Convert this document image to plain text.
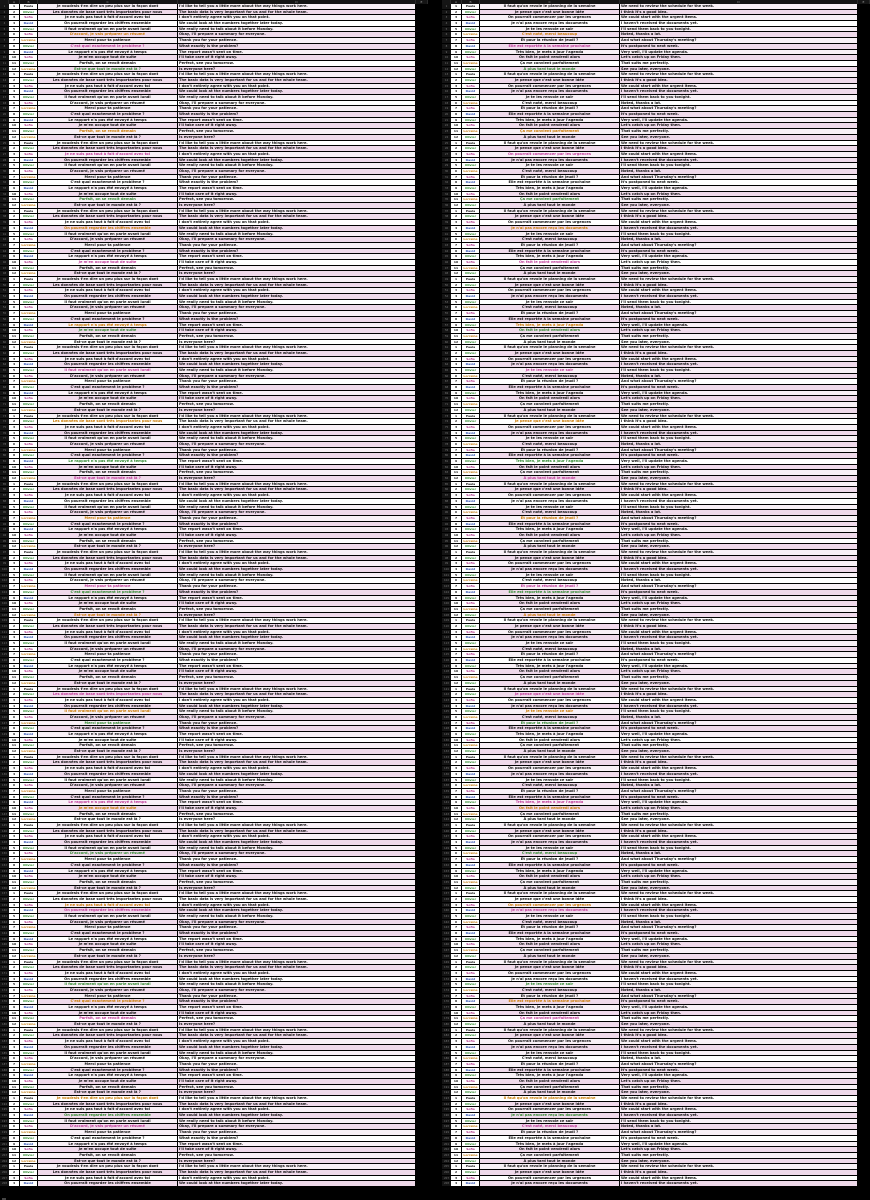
A	B	C	D	E
1	1	Paula	Je voudrais t'en dire un peu plus sur la façon dont	I'd like to tell you a little more about the way things work here.
2	2	Olivier	Les données de base sont très importantes pour nous	The basic data is very important for us and for the whole team.
3	3	Sofia	Je ne suis pas tout à fait d'accord avec toi	I don't entirely agree with you on that point.
4	4	David	On pourrait regarder les chiffres ensemble	We could look at the numbers together later today.
5	5	Olivier	Il faut vraiment qu'on en parle avant lundi	We really need to talk about it before Monday.
6	6	Sofia	D'accord, je vais préparer un résumé	Okay, I'll prepare a summary for everyone.
7	7	Lorraine	Merci pour ta patience	Thank you for your patience.
8	8	Olivier	C'est quoi exactement le problème ?	What exactly is the problem?
9	9	David	Le rapport n'a pas été envoyé à temps	The report wasn't sent on time.
10	10	Sofia	Je m'en occupe tout de suite	I'll take care of it right away.
11	11	Olivier	Parfait, on se revoit demain	Perfect, see you tomorrow.
12	12	Lorraine	Est-ce que tout le monde est là ?	Is everyone here?
13	1	Paula	Je voudrais t'en dire un peu plus sur la façon dont	I'd like to tell you a little more about the way things work here.
14	2	Olivier	Les données de base sont très importantes pour nous	The basic data is very important for us and for the whole team.
15	3	Sofia	Je ne suis pas tout à fait d'accord avec toi	I don't entirely agree with you on that point.
16	4	David	On pourrait regarder les chiffres ensemble	We could look at the numbers together later today.
17	5	Olivier	Il faut vraiment qu'on en parle avant lundi	We really need to talk about it before Monday.
18	6	Sofia	D'accord, je vais préparer un résumé	Okay, I'll prepare a summary for everyone.
19	7	Lorraine	Merci pour ta patience	Thank you for your patience.
20	8	Olivier	C'est quoi exactement le problème ?	What exactly is the problem?
21	9	David	Le rapport n'a pas été envoyé à temps	The report wasn't sent on time.
22	10	Sofia	Je m'en occupe tout de suite	I'll take care of it right away.
23	11	Olivier	Parfait, on se revoit demain	Perfect, see you tomorrow.
24	12	Lorraine	Est-ce que tout le monde est là ?	Is everyone here?
25	1	Paula	Je voudrais t'en dire un peu plus sur la façon dont	I'd like to tell you a little more about the way things work here.
26	2	Olivier	Les données de base sont très importantes pour nous	The basic data is very important for us and for the whole team.
27	3	Sofia	Je ne suis pas tout à fait d'accord avec toi	I don't entirely agree with you on that point.
28	4	David	On pourrait regarder les chiffres ensemble	We could look at the numbers together later today.
29	5	Olivier	Il faut vraiment qu'on en parle avant lundi	We really need to talk about it before Monday.
30	6	Sofia	D'accord, je vais préparer un résumé	Okay, I'll prepare a summary for everyone.
31	7	Lorraine	Merci pour ta patience	Thank you for your patience.
32	8	Olivier	C'est quoi exactement le problème ?	What exactly is the problem?
33	9	David	Le rapport n'a pas été envoyé à temps	The report wasn't sent on time.
34	10	Sofia	Je m'en occupe tout de suite	I'll take care of it right away.
35	11	Olivier	Parfait, on se revoit demain	Perfect, see you tomorrow.
36	12	Lorraine	Est-ce que tout le monde est là ?	Is everyone here?
37	1	Paula	Je voudrais t'en dire un peu plus sur la façon dont	I'd like to tell you a little more about the way things work here.
38	2	Olivier	Les données de base sont très importantes pour nous	The basic data is very important for us and for the whole team.
39	3	Sofia	Je ne suis pas tout à fait d'accord avec toi	I don't entirely agree with you on that point.
40	4	David	On pourrait regarder les chiffres ensemble	We could look at the numbers together later today.
41	5	Olivier	Il faut vraiment qu'on en parle avant lundi	We really need to talk about it before Monday.
42	6	Sofia	D'accord, je vais préparer un résumé	Okay, I'll prepare a summary for everyone.
43	7	Lorraine	Merci pour ta patience	Thank you for your patience.
44	8	Olivier	C'est quoi exactement le problème ?	What exactly is the problem?
45	9	David	Le rapport n'a pas été envoyé à temps	The report wasn't sent on time.
46	10	Sofia	Je m'en occupe tout de suite	I'll take care of it right away.
47	11	Olivier	Parfait, on se revoit demain	Perfect, see you tomorrow.
48	12	Lorraine	Est-ce que tout le monde est là ?	Is everyone here?
49	1	Paula	Je voudrais t'en dire un peu plus sur la façon dont	I'd like to tell you a little more about the way things work here.
50	2	Olivier	Les données de base sont très importantes pour nous	The basic data is very important for us and for the whole team.
51	3	Sofia	Je ne suis pas tout à fait d'accord avec toi	I don't entirely agree with you on that point.
52	4	David	On pourrait regarder les chiffres ensemble	We could look at the numbers together later today.
53	5	Olivier	Il faut vraiment qu'on en parle avant lundi	We really need to talk about it before Monday.
54	6	Sofia	D'accord, je vais préparer un résumé	Okay, I'll prepare a summary for everyone.
55	7	Lorraine	Merci pour ta patience	Thank you for your patience.
56	8	Olivier	C'est quoi exactement le problème ?	What exactly is the problem?
57	9	David	Le rapport n'a pas été envoyé à temps	The report wasn't sent on time.
58	10	Sofia	Je m'en occupe tout de suite	I'll take care of it right away.
59	11	Olivier	Parfait, on se revoit demain	Perfect, see you tomorrow.
60	12	Lorraine	Est-ce que tout le monde est là ?	Is everyone here?
61	1	Paula	Je voudrais t'en dire un peu plus sur la façon dont	I'd like to tell you a little more about the way things work here.
62	2	Olivier	Les données de base sont très importantes pour nous	The basic data is very important for us and for the whole team.
63	3	Sofia	Je ne suis pas tout à fait d'accord avec toi	I don't entirely agree with you on that point.
64	4	David	On pourrait regarder les chiffres ensemble	We could look at the numbers together later today.
65	5	Olivier	Il faut vraiment qu'on en parle avant lundi	We really need to talk about it before Monday.
66	6	Sofia	D'accord, je vais préparer un résumé	Okay, I'll prepare a summary for everyone.
67	7	Lorraine	Merci pour ta patience	Thank you for your patience.
68	8	Olivier	C'est quoi exactement le problème ?	What exactly is the problem?
69	9	David	Le rapport n'a pas été envoyé à temps	The report wasn't sent on time.
70	10	Sofia	Je m'en occupe tout de suite	I'll take care of it right away.
71	11	Olivier	Parfait, on se revoit demain	Perfect, see you tomorrow.
72	12	Lorraine	Est-ce que tout le monde est là ?	Is everyone here?
73	1	Paula	Je voudrais t'en dire un peu plus sur la façon dont	I'd like to tell you a little more about the way things work here.
74	2	Olivier	Les données de base sont très importantes pour nous	The basic data is very important for us and for the whole team.
75	3	Sofia	Je ne suis pas tout à fait d'accord avec toi	I don't entirely agree with you on that point.
76	4	David	On pourrait regarder les chiffres ensemble	We could look at the numbers together later today.
77	5	Olivier	Il faut vraiment qu'on en parle avant lundi	We really need to talk about it before Monday.
78	6	Sofia	D'accord, je vais préparer un résumé	Okay, I'll prepare a summary for everyone.
79	7	Lorraine	Merci pour ta patience	Thank you for your patience.
80	8	Olivier	C'est quoi exactement le problème ?	What exactly is the problem?
81	9	David	Le rapport n'a pas été envoyé à temps	The report wasn't sent on time.
82	10	Sofia	Je m'en occupe tout de suite	I'll take care of it right away.
83	11	Olivier	Parfait, on se revoit demain	Perfect, see you tomorrow.
84	12	Lorraine	Est-ce que tout le monde est là ?	Is everyone here?
85	1	Paula	Je voudrais t'en dire un peu plus sur la façon dont	I'd like to tell you a little more about the way things work here.
86	2	Olivier	Les données de base sont très importantes pour nous	The basic data is very important for us and for the whole team.
87	3	Sofia	Je ne suis pas tout à fait d'accord avec toi	I don't entirely agree with you on that point.
88	4	David	On pourrait regarder les chiffres ensemble	We could look at the numbers together later today.
89	5	Olivier	Il faut vraiment qu'on en parle avant lundi	We really need to talk about it before Monday.
90	6	Sofia	D'accord, je vais préparer un résumé	Okay, I'll prepare a summary for everyone.
91	7	Lorraine	Merci pour ta patience	Thank you for your patience.
92	8	Olivier	C'est quoi exactement le problème ?	What exactly is the problem?
93	9	David	Le rapport n'a pas été envoyé à temps	The report wasn't sent on time.
94	10	Sofia	Je m'en occupe tout de suite	I'll take care of it right away.
95	11	Olivier	Parfait, on se revoit demain	Perfect, see you tomorrow.
96	12	Lorraine	Est-ce que tout le monde est là ?	Is everyone here?
97	1	Paula	Je voudrais t'en dire un peu plus sur la façon dont	I'd like to tell you a little more about the way things work here.
98	2	Olivier	Les données de base sont très importantes pour nous	The basic data is very important for us and for the whole team.
99	3	Sofia	Je ne suis pas tout à fait d'accord avec toi	I don't entirely agree with you on that point.
100	4	David	On pourrait regarder les chiffres ensemble	We could look at the numbers together later today.
101	5	Olivier	Il faut vraiment qu'on en parle avant lundi	We really need to talk about it before Monday.
102	6	Sofia	D'accord, je vais préparer un résumé	Okay, I'll prepare a summary for everyone.
103	7	Lorraine	Merci pour ta patience	Thank you for your patience.
104	8	Olivier	C'est quoi exactement le problème ?	What exactly is the problem?
105	9	David	Le rapport n'a pas été envoyé à temps	The report wasn't sent on time.
106	10	Sofia	Je m'en occupe tout de suite	I'll take care of it right away.
107	11	Olivier	Parfait, on se revoit demain	Perfect, see you tomorrow.
108	12	Lorraine	Est-ce que tout le monde est là ?	Is everyone here?
109	1	Paula	Je voudrais t'en dire un peu plus sur la façon dont	I'd like to tell you a little more about the way things work here.
110	2	Olivier	Les données de base sont très importantes pour nous	The basic data is very important for us and for the whole team.
111	3	Sofia	Je ne suis pas tout à fait d'accord avec toi	I don't entirely agree with you on that point.
112	4	David	On pourrait regarder les chiffres ensemble	We could look at the numbers together later today.
113	5	Olivier	Il faut vraiment qu'on en parle avant lundi	We really need to talk about it before Monday.
114	6	Sofia	D'accord, je vais préparer un résumé	Okay, I'll prepare a summary for everyone.
115	7	Lorraine	Merci pour ta patience	Thank you for your patience.
116	8	Olivier	C'est quoi exactement le problème ?	What exactly is the problem?
117	9	David	Le rapport n'a pas été envoyé à temps	The report wasn't sent on time.
118	10	Sofia	Je m'en occupe tout de suite	I'll take care of it right away.
119	11	Olivier	Parfait, on se revoit demain	Perfect, see you tomorrow.
120	12	Lorraine	Est-ce que tout le monde est là ?	Is everyone here?
121	1	Paula	Je voudrais t'en dire un peu plus sur la façon dont	I'd like to tell you a little more about the way things work here.
122	2	Olivier	Les données de base sont très importantes pour nous	The basic data is very important for us and for the whole team.
123	3	Sofia	Je ne suis pas tout à fait d'accord avec toi	I don't entirely agree with you on that point.
124	4	David	On pourrait regarder les chiffres ensemble	We could look at the numbers together later today.
125	5	Olivier	Il faut vraiment qu'on en parle avant lundi	We really need to talk about it before Monday.
126	6	Sofia	D'accord, je vais préparer un résumé	Okay, I'll prepare a summary for everyone.
127	7	Lorraine	Merci pour ta patience	Thank you for your patience.
128	8	Olivier	C'est quoi exactement le problème ?	What exactly is the problem?
129	9	David	Le rapport n'a pas été envoyé à temps	The report wasn't sent on time.
130	10	Sofia	Je m'en occupe tout de suite	I'll take care of it right away.
131	11	Olivier	Parfait, on se revoit demain	Perfect, see you tomorrow.
132	12	Lorraine	Est-ce que tout le monde est là ?	Is everyone here?
133	1	Paula	Je voudrais t'en dire un peu plus sur la façon dont	I'd like to tell you a little more about the way things work here.
134	2	Olivier	Les données de base sont très importantes pour nous	The basic data is very important for us and for the whole team.
135	3	Sofia	Je ne suis pas tout à fait d'accord avec toi	I don't entirely agree with you on that point.
136	4	David	On pourrait regarder les chiffres ensemble	We could look at the numbers together later today.
137	5	Olivier	Il faut vraiment qu'on en parle avant lundi	We really need to talk about it before Monday.
138	6	Sofia	D'accord, je vais préparer un résumé	Okay, I'll prepare a summary for everyone.
139	7	Lorraine	Merci pour ta patience	Thank you for your patience.
140	8	Olivier	C'est quoi exactement le problème ?	What exactly is the problem?
141	9	David	Le rapport n'a pas été envoyé à temps	The report wasn't sent on time.
142	10	Sofia	Je m'en occupe tout de suite	I'll take care of it right away.
143	11	Olivier	Parfait, on se revoit demain	Perfect, see you tomorrow.
144	12	Lorraine	Est-ce que tout le monde est là ?	Is everyone here?
145	1	Paula	Je voudrais t'en dire un peu plus sur la façon dont	I'd like to tell you a little more about the way things work here.
146	2	Olivier	Les données de base sont très importantes pour nous	The basic data is very important for us and for the whole team.
147	3	Sofia	Je ne suis pas tout à fait d'accord avec toi	I don't entirely agree with you on that point.
148	4	David	On pourrait regarder les chiffres ensemble	We could look at the numbers together later today.
149	5	Olivier	Il faut vraiment qu'on en parle avant lundi	We really need to talk about it before Monday.
150	6	Sofia	D'accord, je vais préparer un résumé	Okay, I'll prepare a summary for everyone.
151	7	Lorraine	Merci pour ta patience	Thank you for your patience.
152	8	Olivier	C'est quoi exactement le problème ?	What exactly is the problem?
153	9	David	Le rapport n'a pas été envoyé à temps	The report wasn't sent on time.
154	10	Sofia	Je m'en occupe tout de suite	I'll take care of it right away.
155	11	Olivier	Parfait, on se revoit demain	Perfect, see you tomorrow.
156	12	Lorraine	Est-ce que tout le monde est là ?	Is everyone here?
157	1	Paula	Je voudrais t'en dire un peu plus sur la façon dont	I'd like to tell you a little more about the way things work here.
158	2	Olivier	Les données de base sont très importantes pour nous	The basic data is very important for us and for the whole team.
159	3	Sofia	Je ne suis pas tout à fait d'accord avec toi	I don't entirely agree with you on that point.
160	4	David	On pourrait regarder les chiffres ensemble	We could look at the numbers together later today.
161	5	Olivier	Il faut vraiment qu'on en parle avant lundi	We really need to talk about it before Monday.
162	6	Sofia	D'accord, je vais préparer un résumé	Okay, I'll prepare a summary for everyone.
163	7	Lorraine	Merci pour ta patience	Thank you for your patience.
164	8	Olivier	C'est quoi exactement le problème ?	What exactly is the problem?
165	9	David	Le rapport n'a pas été envoyé à temps	The report wasn't sent on time.
166	10	Sofia	Je m'en occupe tout de suite	I'll take care of it right away.
167	11	Olivier	Parfait, on se revoit demain	Perfect, see you tomorrow.
168	12	Lorraine	Est-ce que tout le monde est là ?	Is everyone here?
169	1	Paula	Je voudrais t'en dire un peu plus sur la façon dont	I'd like to tell you a little more about the way things work here.
170	2	Olivier	Les données de base sont très importantes pour nous	The basic data is very important for us and for the whole team.
171	3	Sofia	Je ne suis pas tout à fait d'accord avec toi	I don't entirely agree with you on that point.
172	4	David	On pourrait regarder les chiffres ensemble	We could look at the numbers together later today.
173	5	Olivier	Il faut vraiment qu'on en parle avant lundi	We really need to talk about it before Monday.
174	6	Sofia	D'accord, je vais préparer un résumé	Okay, I'll prepare a summary for everyone.
175	7	Lorraine	Merci pour ta patience	Thank you for your patience.
176	8	Olivier	C'est quoi exactement le problème ?	What exactly is the problem?
177	9	David	Le rapport n'a pas été envoyé à temps	The report wasn't sent on time.
178	10	Sofia	Je m'en occupe tout de suite	I'll take care of it right away.
179	11	Olivier	Parfait, on se revoit demain	Perfect, see you tomorrow.
180	12	Lorraine	Est-ce que tout le monde est là ?	Is everyone here?
181	1	Paula	Je voudrais t'en dire un peu plus sur la façon dont	I'd like to tell you a little more about the way things work here.
182	2	Olivier	Les données de base sont très importantes pour nous	The basic data is very important for us and for the whole team.
183	3	Sofia	Je ne suis pas tout à fait d'accord avec toi	I don't entirely agree with you on that point.
184	4	David	On pourrait regarder les chiffres ensemble	We could look at the numbers together later today.
185	5	Olivier	Il faut vraiment qu'on en parle avant lundi	We really need to talk about it before Monday.
186	6	Sofia	D'accord, je vais préparer un résumé	Okay, I'll prepare a summary for everyone.
187	7	Lorraine	Merci pour ta patience	Thank you for your patience.
188	8	Olivier	C'est quoi exactement le problème ?	What exactly is the problem?
189	9	David	Le rapport n'a pas été envoyé à temps	The report wasn't sent on time.
190	10	Sofia	Je m'en occupe tout de suite	I'll take care of it right away.
191	11	Olivier	Parfait, on se revoit demain	Perfect, see you tomorrow.
192	12	Lorraine	Est-ce que tout le monde est là ?	Is everyone here?
193	1	Paula	Je voudrais t'en dire un peu plus sur la façon dont	I'd like to tell you a little more about the way things work here.
194	2	Olivier	Les données de base sont très importantes pour nous	The basic data is very important for us and for the whole team.
195	3	Sofia	Je ne suis pas tout à fait d'accord avec toi	I don't entirely agree with you on that point.
196	4	David	On pourrait regarder les chiffres ensemble	We could look at the numbers together later today.
197	5	Olivier	Il faut vraiment qu'on en parle avant lundi	We really need to talk about it before Monday.
198	6	Sofia	D'accord, je vais préparer un résumé	Okay, I'll prepare a summary for everyone.
199	7	Lorraine	Merci pour ta patience	Thank you for your patience.
200	8	Olivier	C'est quoi exactement le problème ?	What exactly is the problem?
201	9	David	Le rapport n'a pas été envoyé à temps	The report wasn't sent on time.
202	10	Sofia	Je m'en occupe tout de suite	I'll take care of it right away.
203	11	Olivier	Parfait, on se revoit demain	Perfect, see you tomorrow.
204	12	Lorraine	Est-ce que tout le monde est là ?	Is everyone here?
205	1	Paula	Je voudrais t'en dire un peu plus sur la façon dont	I'd like to tell you a little more about the way things work here.
206	2	Olivier	Les données de base sont très importantes pour nous	The basic data is very important for us and for the whole team.
207	3	Sofia	Je ne suis pas tout à fait d'accord avec toi	I don't entirely agree with you on that point.
208	4	David	On pourrait regarder les chiffres ensemble	We could look at the numbers together later today.
A	B	C	D	E
1	1	Paula	Il faut qu'on revoie le planning de la semaine	We need to review the schedule for the week.
2	2	Olivier	Je pense que c'est une bonne idée	I think it's a good idea.
3	3	Sofia	On pourrait commencer par les urgences	We could start with the urgent items.
4	4	David	Je n'ai pas encore reçu les documents	I haven't received the documents yet.
5	5	Olivier	Je te les renvoie ce soir	I'll send them back to you tonight.
6	6	Lorraine	C'est noté, merci beaucoup	Noted, thanks a lot.
7	7	Sofia	Et pour la réunion de jeudi ?	And what about Thursday's meeting?
8	8	David	Elle est reportée à la semaine prochaine	It's postponed to next week.
9	9	Olivier	Très bien, je mets à jour l'agenda	Very well, I'll update the agenda.
10	10	Sofia	On fait le point vendredi alors	Let's catch up on Friday then.
11	11	Lorraine	Ça me convient parfaitement	That suits me perfectly.
12	12	Olivier	À plus tard tout le monde	See you later, everyone.
13	1	Paula	Il faut qu'on revoie le planning de la semaine	We need to review the schedule for the week.
14	2	Olivier	Je pense que c'est une bonne idée	I think it's a good idea.
15	3	Sofia	On pourrait commencer par les urgences	We could start with the urgent items.
16	4	David	Je n'ai pas encore reçu les documents	I haven't received the documents yet.
17	5	Olivier	Je te les renvoie ce soir	I'll send them back to you tonight.
18	6	Lorraine	C'est noté, merci beaucoup	Noted, thanks a lot.
19	7	Sofia	Et pour la réunion de jeudi ?	And what about Thursday's meeting?
20	8	David	Elle est reportée à la semaine prochaine	It's postponed to next week.
21	9	Olivier	Très bien, je mets à jour l'agenda	Very well, I'll update the agenda.
22	10	Sofia	On fait le point vendredi alors	Let's catch up on Friday then.
23	11	Lorraine	Ça me convient parfaitement	That suits me perfectly.
24	12	Olivier	À plus tard tout le monde	See you later, everyone.
25	1	Paula	Il faut qu'on revoie le planning de la semaine	We need to review the schedule for the week.
26	2	Olivier	Je pense que c'est une bonne idée	I think it's a good idea.
27	3	Sofia	On pourrait commencer par les urgences	We could start with the urgent items.
28	4	David	Je n'ai pas encore reçu les documents	I haven't received the documents yet.
29	5	Olivier	Je te les renvoie ce soir	I'll send them back to you tonight.
30	6	Lorraine	C'est noté, merci beaucoup	Noted, thanks a lot.
31	7	Sofia	Et pour la réunion de jeudi ?	And what about Thursday's meeting?
32	8	David	Elle est reportée à la semaine prochaine	It's postponed to next week.
33	9	Olivier	Très bien, je mets à jour l'agenda	Very well, I'll update the agenda.
34	10	Sofia	On fait le point vendredi alors	Let's catch up on Friday then.
35	11	Lorraine	Ça me convient parfaitement	That suits me perfectly.
36	12	Olivier	À plus tard tout le monde	See you later, everyone.
37	1	Paula	Il faut qu'on revoie le planning de la semaine	We need to review the schedule for the week.
38	2	Olivier	Je pense que c'est une bonne idée	I think it's a good idea.
39	3	Sofia	On pourrait commencer par les urgences	We could start with the urgent items.
40	4	David	Je n'ai pas encore reçu les documents	I haven't received the documents yet.
41	5	Olivier	Je te les renvoie ce soir	I'll send them back to you tonight.
42	6	Lorraine	C'est noté, merci beaucoup	Noted, thanks a lot.
43	7	Sofia	Et pour la réunion de jeudi ?	And what about Thursday's meeting?
44	8	David	Elle est reportée à la semaine prochaine	It's postponed to next week.
45	9	Olivier	Très bien, je mets à jour l'agenda	Very well, I'll update the agenda.
46	10	Sofia	On fait le point vendredi alors	Let's catch up on Friday then.
47	11	Lorraine	Ça me convient parfaitement	That suits me perfectly.
48	12	Olivier	À plus tard tout le monde	See you later, everyone.
49	1	Paula	Il faut qu'on revoie le planning de la semaine	We need to review the schedule for the week.
50	2	Olivier	Je pense que c'est une bonne idée	I think it's a good idea.
51	3	Sofia	On pourrait commencer par les urgences	We could start with the urgent items.
52	4	David	Je n'ai pas encore reçu les documents	I haven't received the documents yet.
53	5	Olivier	Je te les renvoie ce soir	I'll send them back to you tonight.
54	6	Lorraine	C'est noté, merci beaucoup	Noted, thanks a lot.
55	7	Sofia	Et pour la réunion de jeudi ?	And what about Thursday's meeting?
56	8	David	Elle est reportée à la semaine prochaine	It's postponed to next week.
57	9	Olivier	Très bien, je mets à jour l'agenda	Very well, I'll update the agenda.
58	10	Sofia	On fait le point vendredi alors	Let's catch up on Friday then.
59	11	Lorraine	Ça me convient parfaitement	That suits me perfectly.
60	12	Olivier	À plus tard tout le monde	See you later, everyone.
61	1	Paula	Il faut qu'on revoie le planning de la semaine	We need to review the schedule for the week.
62	2	Olivier	Je pense que c'est une bonne idée	I think it's a good idea.
63	3	Sofia	On pourrait commencer par les urgences	We could start with the urgent items.
64	4	David	Je n'ai pas encore reçu les documents	I haven't received the documents yet.
65	5	Olivier	Je te les renvoie ce soir	I'll send them back to you tonight.
66	6	Lorraine	C'est noté, merci beaucoup	Noted, thanks a lot.
67	7	Sofia	Et pour la réunion de jeudi ?	And what about Thursday's meeting?
68	8	David	Elle est reportée à la semaine prochaine	It's postponed to next week.
69	9	Olivier	Très bien, je mets à jour l'agenda	Very well, I'll update the agenda.
70	10	Sofia	On fait le point vendredi alors	Let's catch up on Friday then.
71	11	Lorraine	Ça me convient parfaitement	That suits me perfectly.
72	12	Olivier	À plus tard tout le monde	See you later, everyone.
73	1	Paula	Il faut qu'on revoie le planning de la semaine	We need to review the schedule for the week.
74	2	Olivier	Je pense que c'est une bonne idée	I think it's a good idea.
75	3	Sofia	On pourrait commencer par les urgences	We could start with the urgent items.
76	4	David	Je n'ai pas encore reçu les documents	I haven't received the documents yet.
77	5	Olivier	Je te les renvoie ce soir	I'll send them back to you tonight.
78	6	Lorraine	C'est noté, merci beaucoup	Noted, thanks a lot.
79	7	Sofia	Et pour la réunion de jeudi ?	And what about Thursday's meeting?
80	8	David	Elle est reportée à la semaine prochaine	It's postponed to next week.
81	9	Olivier	Très bien, je mets à jour l'agenda	Very well, I'll update the agenda.
82	10	Sofia	On fait le point vendredi alors	Let's catch up on Friday then.
83	11	Lorraine	Ça me convient parfaitement	That suits me perfectly.
84	12	Olivier	À plus tard tout le monde	See you later, everyone.
85	1	Paula	Il faut qu'on revoie le planning de la semaine	We need to review the schedule for the week.
86	2	Olivier	Je pense que c'est une bonne idée	I think it's a good idea.
87	3	Sofia	On pourrait commencer par les urgences	We could start with the urgent items.
88	4	David	Je n'ai pas encore reçu les documents	I haven't received the documents yet.
89	5	Olivier	Je te les renvoie ce soir	I'll send them back to you tonight.
90	6	Lorraine	C'est noté, merci beaucoup	Noted, thanks a lot.
91	7	Sofia	Et pour la réunion de jeudi ?	And what about Thursday's meeting?
92	8	David	Elle est reportée à la semaine prochaine	It's postponed to next week.
93	9	Olivier	Très bien, je mets à jour l'agenda	Very well, I'll update the agenda.
94	10	Sofia	On fait le point vendredi alors	Let's catch up on Friday then.
95	11	Lorraine	Ça me convient parfaitement	That suits me perfectly.
96	12	Olivier	À plus tard tout le monde	See you later, everyone.
97	1	Paula	Il faut qu'on revoie le planning de la semaine	We need to review the schedule for the week.
98	2	Olivier	Je pense que c'est une bonne idée	I think it's a good idea.
99	3	Sofia	On pourrait commencer par les urgences	We could start with the urgent items.
100	4	David	Je n'ai pas encore reçu les documents	I haven't received the documents yet.
101	5	Olivier	Je te les renvoie ce soir	I'll send them back to you tonight.
102	6	Lorraine	C'est noté, merci beaucoup	Noted, thanks a lot.
103	7	Sofia	Et pour la réunion de jeudi ?	And what about Thursday's meeting?
104	8	David	Elle est reportée à la semaine prochaine	It's postponed to next week.
105	9	Olivier	Très bien, je mets à jour l'agenda	Very well, I'll update the agenda.
106	10	Sofia	On fait le point vendredi alors	Let's catch up on Friday then.
107	11	Lorraine	Ça me convient parfaitement	That suits me perfectly.
108	12	Olivier	À plus tard tout le monde	See you later, everyone.
109	1	Paula	Il faut qu'on revoie le planning de la semaine	We need to review the schedule for the week.
110	2	Olivier	Je pense que c'est une bonne idée	I think it's a good idea.
111	3	Sofia	On pourrait commencer par les urgences	We could start with the urgent items.
112	4	David	Je n'ai pas encore reçu les documents	I haven't received the documents yet.
113	5	Olivier	Je te les renvoie ce soir	I'll send them back to you tonight.
114	6	Lorraine	C'est noté, merci beaucoup	Noted, thanks a lot.
115	7	Sofia	Et pour la réunion de jeudi ?	And what about Thursday's meeting?
116	8	David	Elle est reportée à la semaine prochaine	It's postponed to next week.
117	9	Olivier	Très bien, je mets à jour l'agenda	Very well, I'll update the agenda.
118	10	Sofia	On fait le point vendredi alors	Let's catch up on Friday then.
119	11	Lorraine	Ça me convient parfaitement	That suits me perfectly.
120	12	Olivier	À plus tard tout le monde	See you later, everyone.
121	1	Paula	Il faut qu'on revoie le planning de la semaine	We need to review the schedule for the week.
122	2	Olivier	Je pense que c'est une bonne idée	I think it's a good idea.
123	3	Sofia	On pourrait commencer par les urgences	We could start with the urgent items.
124	4	David	Je n'ai pas encore reçu les documents	I haven't received the documents yet.
125	5	Olivier	Je te les renvoie ce soir	I'll send them back to you tonight.
126	6	Lorraine	C'est noté, merci beaucoup	Noted, thanks a lot.
127	7	Sofia	Et pour la réunion de jeudi ?	And what about Thursday's meeting?
128	8	David	Elle est reportée à la semaine prochaine	It's postponed to next week.
129	9	Olivier	Très bien, je mets à jour l'agenda	Very well, I'll update the agenda.
130	10	Sofia	On fait le point vendredi alors	Let's catch up on Friday then.
131	11	Lorraine	Ça me convient parfaitement	That suits me perfectly.
132	12	Olivier	À plus tard tout le monde	See you later, everyone.
133	1	Paula	Il faut qu'on revoie le planning de la semaine	We need to review the schedule for the week.
134	2	Olivier	Je pense que c'est une bonne idée	I think it's a good idea.
135	3	Sofia	On pourrait commencer par les urgences	We could start with the urgent items.
136	4	David	Je n'ai pas encore reçu les documents	I haven't received the documents yet.
137	5	Olivier	Je te les renvoie ce soir	I'll send them back to you tonight.
138	6	Lorraine	C'est noté, merci beaucoup	Noted, thanks a lot.
139	7	Sofia	Et pour la réunion de jeudi ?	And what about Thursday's meeting?
140	8	David	Elle est reportée à la semaine prochaine	It's postponed to next week.
141	9	Olivier	Très bien, je mets à jour l'agenda	Very well, I'll update the agenda.
142	10	Sofia	On fait le point vendredi alors	Let's catch up on Friday then.
143	11	Lorraine	Ça me convient parfaitement	That suits me perfectly.
144	12	Olivier	À plus tard tout le monde	See you later, everyone.
145	1	Paula	Il faut qu'on revoie le planning de la semaine	We need to review the schedule for the week.
146	2	Olivier	Je pense que c'est une bonne idée	I think it's a good idea.
147	3	Sofia	On pourrait commencer par les urgences	We could start with the urgent items.
148	4	David	Je n'ai pas encore reçu les documents	I haven't received the documents yet.
149	5	Olivier	Je te les renvoie ce soir	I'll send them back to you tonight.
150	6	Lorraine	C'est noté, merci beaucoup	Noted, thanks a lot.
151	7	Sofia	Et pour la réunion de jeudi ?	And what about Thursday's meeting?
152	8	David	Elle est reportée à la semaine prochaine	It's postponed to next week.
153	9	Olivier	Très bien, je mets à jour l'agenda	Very well, I'll update the agenda.
154	10	Sofia	On fait le point vendredi alors	Let's catch up on Friday then.
155	11	Lorraine	Ça me convient parfaitement	That suits me perfectly.
156	12	Olivier	À plus tard tout le monde	See you later, everyone.
157	1	Paula	Il faut qu'on revoie le planning de la semaine	We need to review the schedule for the week.
158	2	Olivier	Je pense que c'est une bonne idée	I think it's a good idea.
159	3	Sofia	On pourrait commencer par les urgences	We could start with the urgent items.
160	4	David	Je n'ai pas encore reçu les documents	I haven't received the documents yet.
161	5	Olivier	Je te les renvoie ce soir	I'll send them back to you tonight.
162	6	Lorraine	C'est noté, merci beaucoup	Noted, thanks a lot.
163	7	Sofia	Et pour la réunion de jeudi ?	And what about Thursday's meeting?
164	8	David	Elle est reportée à la semaine prochaine	It's postponed to next week.
165	9	Olivier	Très bien, je mets à jour l'agenda	Very well, I'll update the agenda.
166	10	Sofia	On fait le point vendredi alors	Let's catch up on Friday then.
167	11	Lorraine	Ça me convient parfaitement	That suits me perfectly.
168	12	Olivier	À plus tard tout le monde	See you later, everyone.
169	1	Paula	Il faut qu'on revoie le planning de la semaine	We need to review the schedule for the week.
170	2	Olivier	Je pense que c'est une bonne idée	I think it's a good idea.
171	3	Sofia	On pourrait commencer par les urgences	We could start with the urgent items.
172	4	David	Je n'ai pas encore reçu les documents	I haven't received the documents yet.
173	5	Olivier	Je te les renvoie ce soir	I'll send them back to you tonight.
174	6	Lorraine	C'est noté, merci beaucoup	Noted, thanks a lot.
175	7	Sofia	Et pour la réunion de jeudi ?	And what about Thursday's meeting?
176	8	David	Elle est reportée à la semaine prochaine	It's postponed to next week.
177	9	Olivier	Très bien, je mets à jour l'agenda	Very well, I'll update the agenda.
178	10	Sofia	On fait le point vendredi alors	Let's catch up on Friday then.
179	11	Lorraine	Ça me convient parfaitement	That suits me perfectly.
180	12	Olivier	À plus tard tout le monde	See you later, everyone.
181	1	Paula	Il faut qu'on revoie le planning de la semaine	We need to review the schedule for the week.
182	2	Olivier	Je pense que c'est une bonne idée	I think it's a good idea.
183	3	Sofia	On pourrait commencer par les urgences	We could start with the urgent items.
184	4	David	Je n'ai pas encore reçu les documents	I haven't received the documents yet.
185	5	Olivier	Je te les renvoie ce soir	I'll send them back to you tonight.
186	6	Lorraine	C'est noté, merci beaucoup	Noted, thanks a lot.
187	7	Sofia	Et pour la réunion de jeudi ?	And what about Thursday's meeting?
188	8	David	Elle est reportée à la semaine prochaine	It's postponed to next week.
189	9	Olivier	Très bien, je mets à jour l'agenda	Very well, I'll update the agenda.
190	10	Sofia	On fait le point vendredi alors	Let's catch up on Friday then.
191	11	Lorraine	Ça me convient parfaitement	That suits me perfectly.
192	12	Olivier	À plus tard tout le monde	See you later, everyone.
193	1	Paula	Il faut qu'on revoie le planning de la semaine	We need to review the schedule for the week.
194	2	Olivier	Je pense que c'est une bonne idée	I think it's a good idea.
195	3	Sofia	On pourrait commencer par les urgences	We could start with the urgent items.
196	4	David	Je n'ai pas encore reçu les documents	I haven't received the documents yet.
197	5	Olivier	Je te les renvoie ce soir	I'll send them back to you tonight.
198	6	Lorraine	C'est noté, merci beaucoup	Noted, thanks a lot.
199	7	Sofia	Et pour la réunion de jeudi ?	And what about Thursday's meeting?
200	8	David	Elle est reportée à la semaine prochaine	It's postponed to next week.
201	9	Olivier	Très bien, je mets à jour l'agenda	Very well, I'll update the agenda.
202	10	Sofia	On fait le point vendredi alors	Let's catch up on Friday then.
203	11	Lorraine	Ça me convient parfaitement	That suits me perfectly.
204	12	Olivier	À plus tard tout le monde	See you later, everyone.
205	1	Paula	Il faut qu'on revoie le planning de la semaine	We need to review the schedule for the week.
206	2	Olivier	Je pense que c'est une bonne idée	I think it's a good idea.
207	3	Sofia	On pourrait commencer par les urgences	We could start with the urgent items.
208	4	David	Je n'ai pas encore reçu les documents	I haven't received the documents yet.
